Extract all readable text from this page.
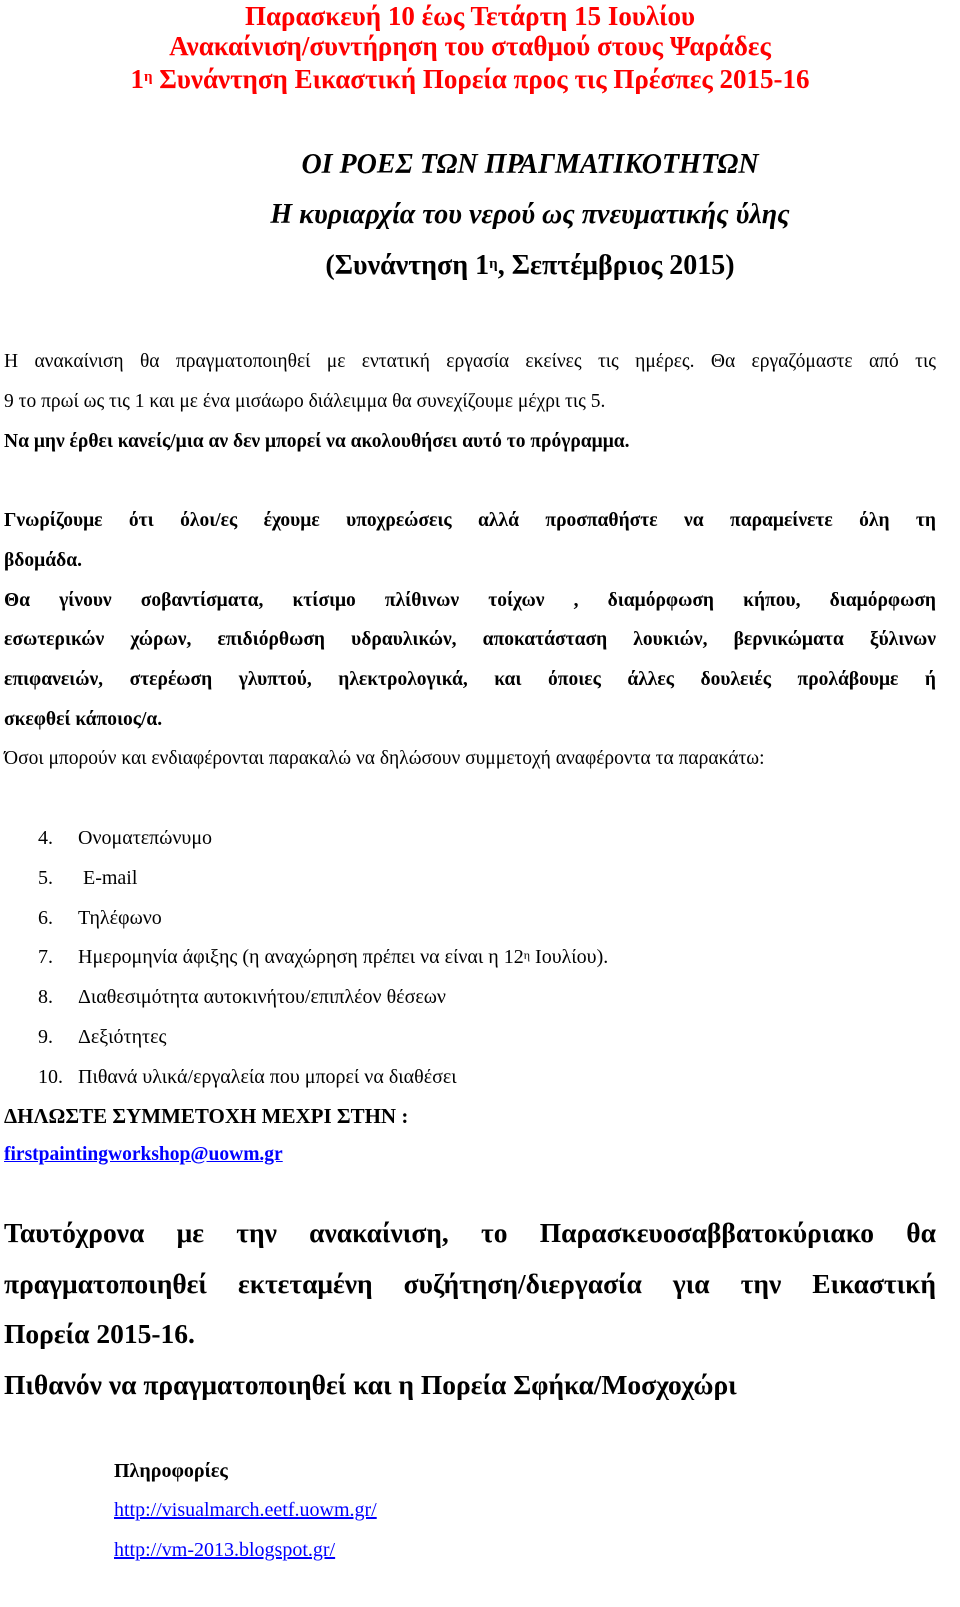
Παρασκευή 10 έως Τετάρτη 15 Ιουλίου
Ανακαίνιση/συντήρηση του σταθμού στους Ψαράδες
$1^\eta$ Συνάντηση Εικαστική Πορεία προς τις Πρέσπες 2015-16
ΟΙ ΡΟΕΣ ΤΩΝ ΠΡΑΓΜΑΤΙΚΟΤΗΤΩΝ
Η κυριαρχία του νερού ως πνευματικής ύλης
(Συνάντηση $1^\eta$, Σεπτέμβριος 2015)
Η ανακαίνιση θα πραγματοποιηθεί με εντατική εργασία εκείνες τις ημέρες. Θα εργαζόμαστε από τις
9 το πρωί ως τις 1 και με ένα μισάωρο διάλειμμα θα συνεχίζουμε μέχρι τις 5.
Να μην έρθει κανείς/μια αν δεν μπορεί να ακολουθήσει αυτό το πρόγραμμα.
Γνωρίζουμε ότι όλοι/ες έχουμε υποχρεώσεις αλλά προσπαθήστε να παραμείνετε όλη τη
βδομάδα.
Θα γίνουν σοβαντίσματα, κτίσιμο πλίθινων τοίχων , διαμόρφωση κήπου, διαμόρφωση
εσωτερικών χώρων, επιδιόρθωση υδραυλικών, αποκατάσταση λουκιών, βερνικώματα ξύλινων
επιφανειών, στερέωση γλυπτού, ηλεκτρολογικά, και όποιες άλλες δουλειές προλάβουμε ή
σκεφθεί κάποιος/α.
Όσοι μπορούν και ενδιαφέρονται παρακαλώ να δηλώσουν συμμετοχή αναφέροντα τα παρακάτω:
4. Ονοματεπώνυμο
5. E-mail
6. Τηλέφωνο
7. Ημερομηνία άφιξης (η αναχώρηση πρέπει να είναι η $12^\eta$ Ιουλίου).
8. Διαθεσιμότητα αυτοκινήτου/επιπλέον θέσεων
9. Δεξιότητες
10. Πιθανά υλικά/εργαλεία που μπορεί να διαθέσει
ΔΗΛΩΣΤΕ ΣΥΜΜΕΤΟΧΗ ΜΕΧΡΙ ΣΤΗΝ :
firstpaintingworkshop@uowm.gr
Ταυτόχρονα με την ανακαίνιση, το Παρασκευοσαββατοκύριακο θα
πραγματοποιηθεί εκτεταμένη συζήτηση/διεργασία για την Εικαστική
Πορεία 2015-16.
Πιθανόν να πραγματοποιηθεί και η Πορεία Σφήκα/Μοσχοχώρι
Πληροφορίες
http://visualmarch.eetf.uowm.gr/
http://vm-2013.blogspot.gr/
